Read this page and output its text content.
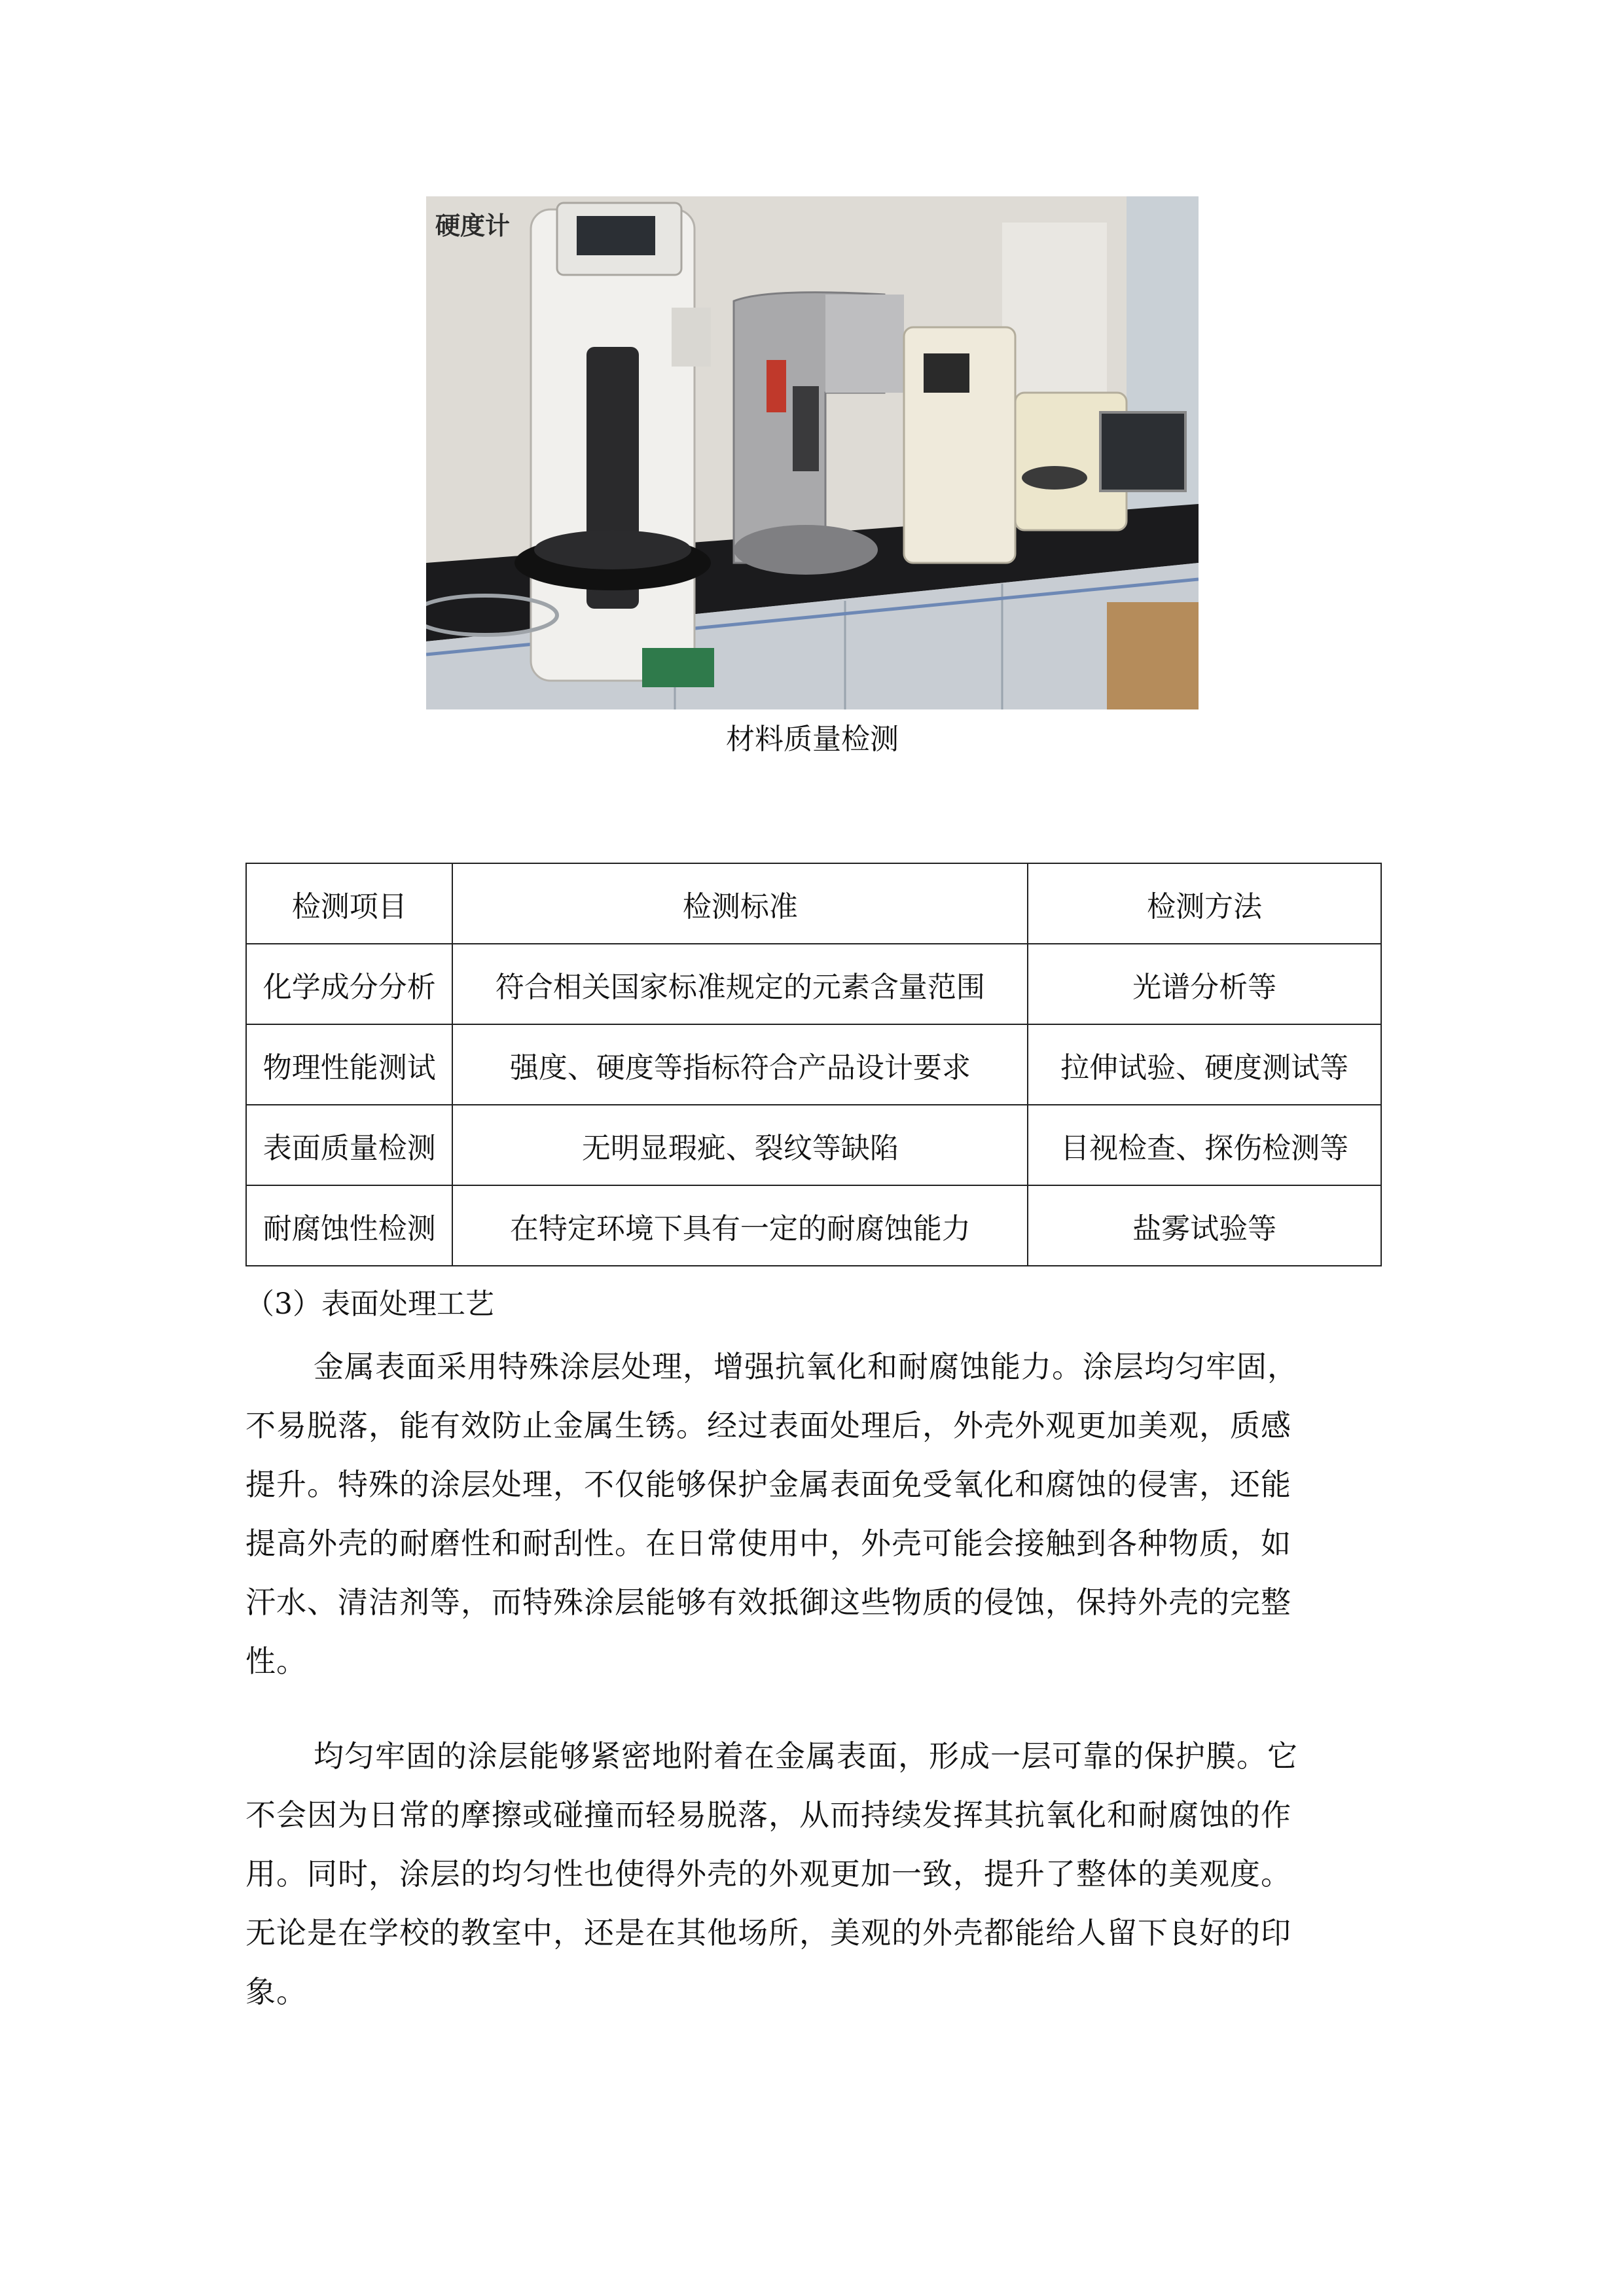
硬度计
材料质量检测
检测项目	检测标准	检测方法
化学成分分析	符合相关国家标准规定的元素含量范围	光谱分析等
物理性能测试	强度、硬度等指标符合产品设计要求	拉伸试验、硬度测试等
表面质量检测	无明显瑕疵、裂纹等缺陷	目视检查、探伤检测等
耐腐蚀性检测	在特定环境下具有一定的耐腐蚀能力	盐雾试验等
（3）表面处理工艺
金属表面采用特殊涂层处理，增强抗氧化和耐腐蚀能力。涂层均匀牢固，
不易脱落，能有效防止金属生锈。经过表面处理后，外壳外观更加美观，质感
提升。特殊的涂层处理，不仅能够保护金属表面免受氧化和腐蚀的侵害，还能
提高外壳的耐磨性和耐刮性。在日常使用中，外壳可能会接触到各种物质，如
汗水、清洁剂等，而特殊涂层能够有效抵御这些物质的侵蚀，保持外壳的完整
性。
均匀牢固的涂层能够紧密地附着在金属表面，形成一层可靠的保护膜。它
不会因为日常的摩擦或碰撞而轻易脱落，从而持续发挥其抗氧化和耐腐蚀的作
用。同时，涂层的均匀性也使得外壳的外观更加一致，提升了整体的美观度。
无论是在学校的教室中，还是在其他场所，美观的外壳都能给人留下良好的印
象。
